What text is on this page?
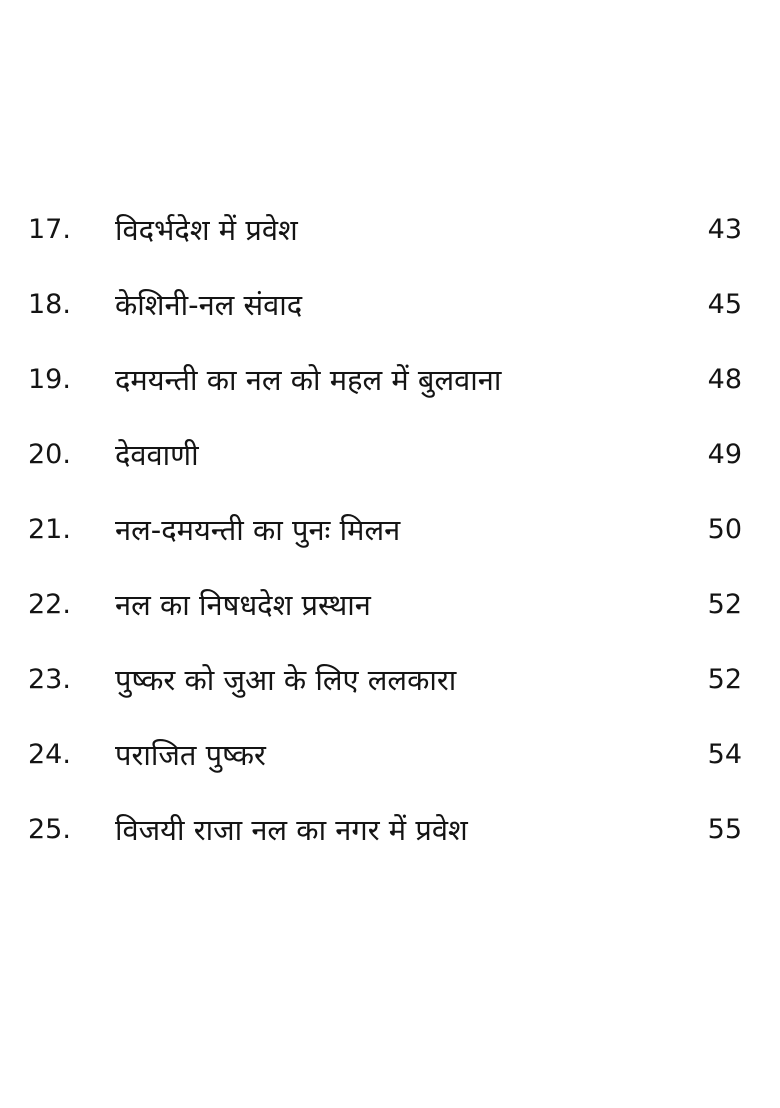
17. विदर्भदेश में प्रवेश	43
18. केशिनी-नल संवाद	45
19. दमयन्ती का नल को महल में बुलवाना	48
20. देववाणी	49
21. नल-दमयन्ती का पुनः मिलन	50
22. नल का निषधदेश प्रस्थान	52
23. पुष्कर को जुआ के लिए ललकारा	52
24. पराजित पुष्कर	54
25. विजयी राजा नल का नगर में प्रवेश	55
